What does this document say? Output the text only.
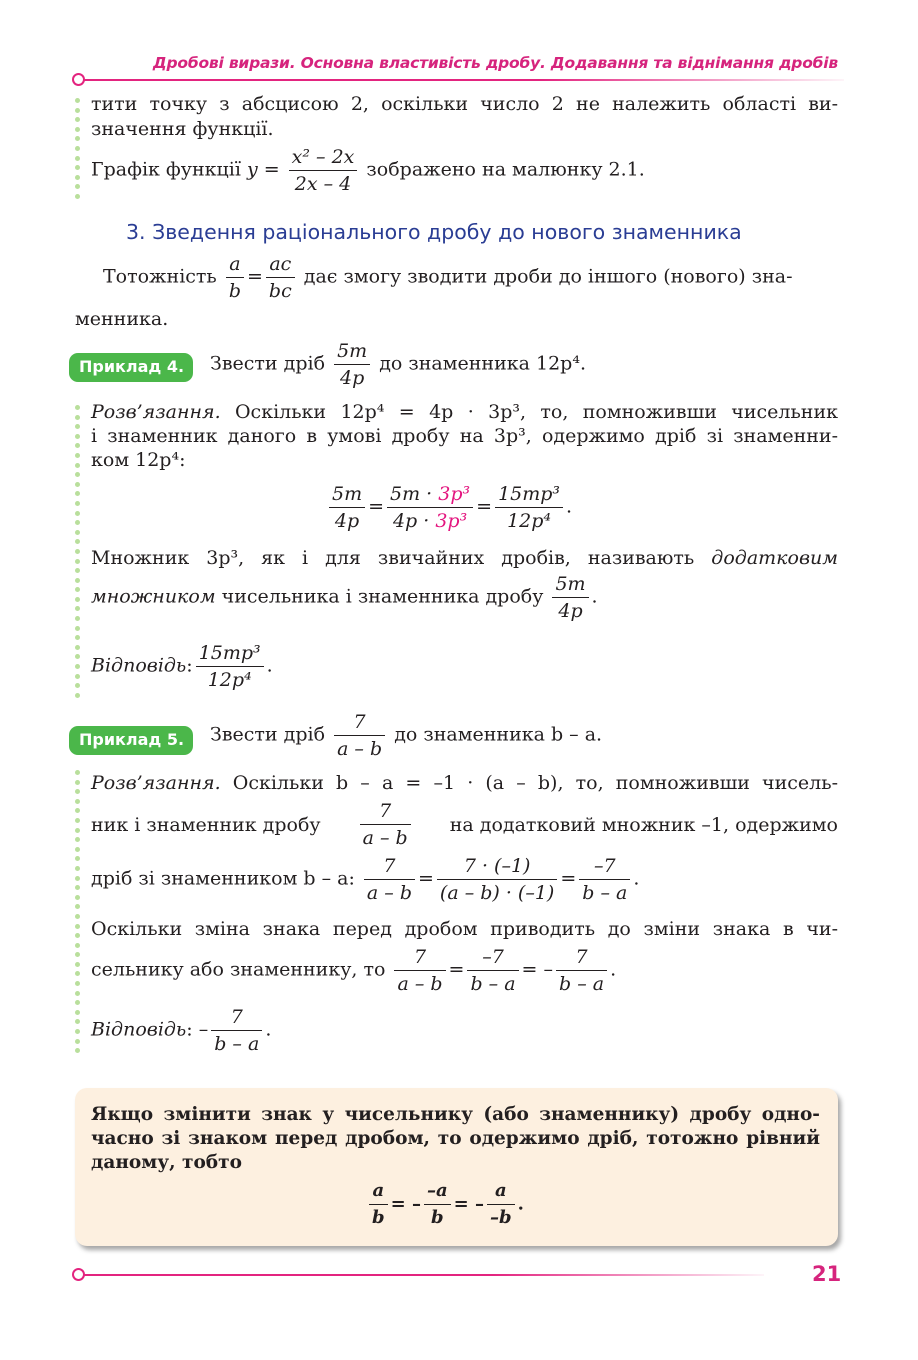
Дробові вирази. Основна властивість дробу. Додавання та віднімання дробів
тити точку з абсцисою 2, оскільки число 2 не належить області ви-
значення функції.
Графік функції $y = \frac{\text{x² – 2x}}{2x - 4}$ зображено на малюнку 2.1.
3. Зведення раціонального дробу до нового знаменника
Тотожність $\frac{a}{b} = \frac{ac}{bc}$ дає змогу зводити дроби до іншого (нового) зна-
менника.
Приклад 4.	Звести дріб $\frac{5m}{4p}$ до знаменника 12p⁴.
Розв’язання. Оскільки 12p⁴ = 4p · 3p³, то, помноживши чисельник
і знаменник даного в умові дробу на 3p³, одержимо дріб зі знаменни-
ком 12p⁴:
$\frac{5m}{4p} = \frac{\text{5m · 3p³}}{\text{4p · 3p³}} = \frac{\text{15mp³}}{\text{12p⁴}}$ .
Множник 3p³, як і для звичайних дробів, називають додатковим
множником чисельника і знаменника дробу $\frac{5m}{4p}$ .
Відповідь: $\frac{\text{15mp³}}{\text{12p⁴}}$ .
Приклад 5.	Звести дріб $\frac{7}{a - b}$ до знаменника b – a.
Розв’язання. Оскільки b – a = –1 · (a – b), то, помноживши чисель-
ник і знаменник дробу $\frac{7}{a - b}$ на додатковий множник –1, одержимо
дріб зі знаменником b – a: $\frac{7}{a - b} = \frac{7 \cdot (-1)}{(a - b) \cdot (-1)} = \frac{-7}{b - a}$ .
Оскільки зміна знака перед дробом приводить до зміни знака в чи-
сельнику або знаменнику, то $\frac{7}{a - b} = \frac{-7}{b - a}$ = – $\frac{7}{b - a}$ .
Відповідь: – $\frac{7}{b - a}$ .
Якщо змінити знак у чисельнику (або знаменнику) дробу одно-
часно зі знаком перед дробом, то одержимо дріб, тотожно рівний
даному, тобто
$\frac{a}{b}$ = – $\frac{-a}{b}$ = – $\frac{a}{-b}$ .
21
